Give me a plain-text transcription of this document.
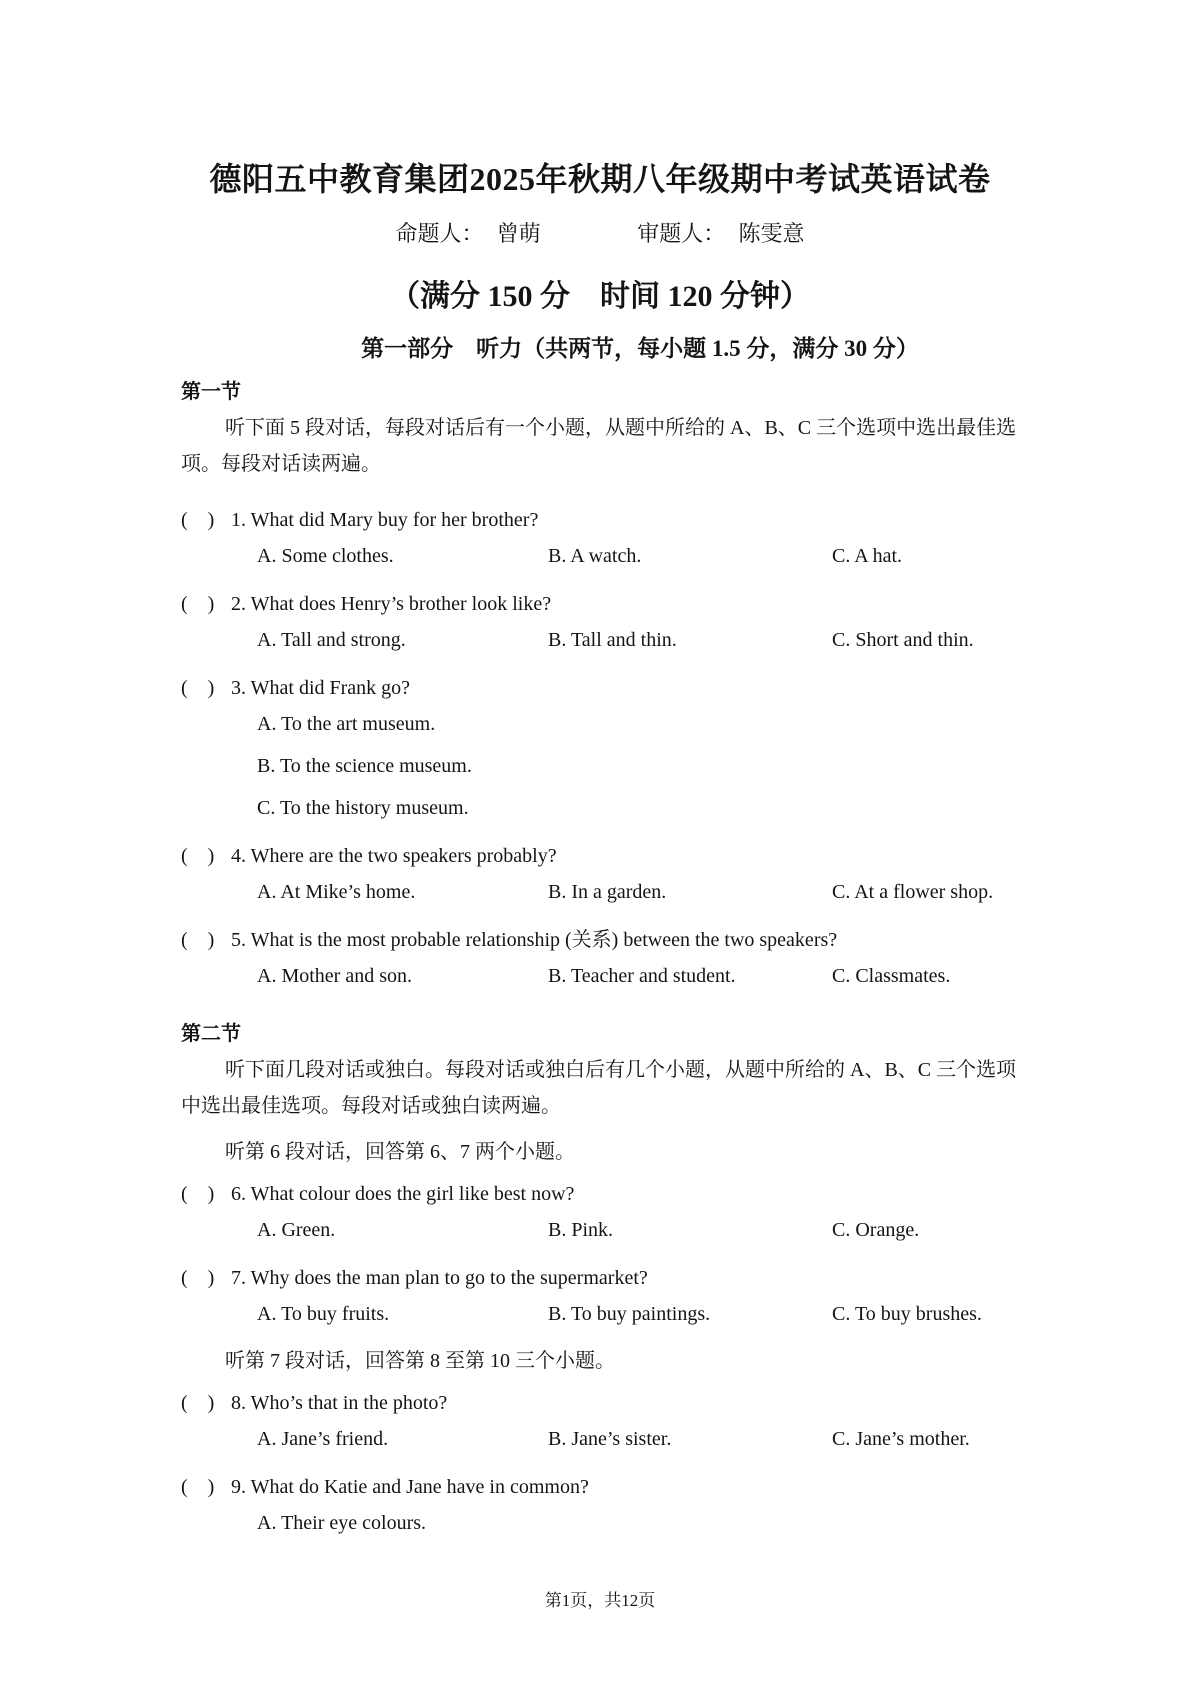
德阳五中教育集团2025年秋期八年级期中考试英语试卷
命题人： 曾萌	审题人： 陈雯意
（满分 150 分　时间 120 分钟）
第一部分　听力（共两节，每小题 1.5 分，满分 30 分）
第一节
听下面 5 段对话，每段对话后有一个小题，从题中所给的 A、B、C 三个选项中选出最佳选项。每段对话读两遍。
(　) 1. What did Mary buy for her brother?
A. Some clothes.	B. A watch.	C. A hat.
(　) 2. What does Henry’s brother look like?
A. Tall and strong.	B. Tall and thin.	C. Short and thin.
(　) 3. What did Frank go?
A. To the art museum.
B. To the science museum.
C. To the history museum.
(　) 4. Where are the two speakers probably?
A. At Mike’s home.	B. In a garden.	C. At a flower shop.
(　) 5. What is the most probable relationship (关系) between the two speakers?
A. Mother and son.	B. Teacher and student.	C. Classmates.
第二节
听下面几段对话或独白。每段对话或独白后有几个小题，从题中所给的 A、B、C 三个选项中选出最佳选项。每段对话或独白读两遍。
听第 6 段对话，回答第 6、7 两个小题。
(　) 6. What colour does the girl like best now?
A. Green.	B. Pink.	C. Orange.
(　) 7. Why does the man plan to go to the supermarket?
A. To buy fruits.	B. To buy paintings.	C. To buy brushes.
听第 7 段对话，回答第 8 至第 10 三个小题。
(　) 8. Who’s that in the photo?
A. Jane’s friend.	B. Jane’s sister.	C. Jane’s mother.
(　) 9. What do Katie and Jane have in common?
A. Their eye colours.
第1页，共12页
